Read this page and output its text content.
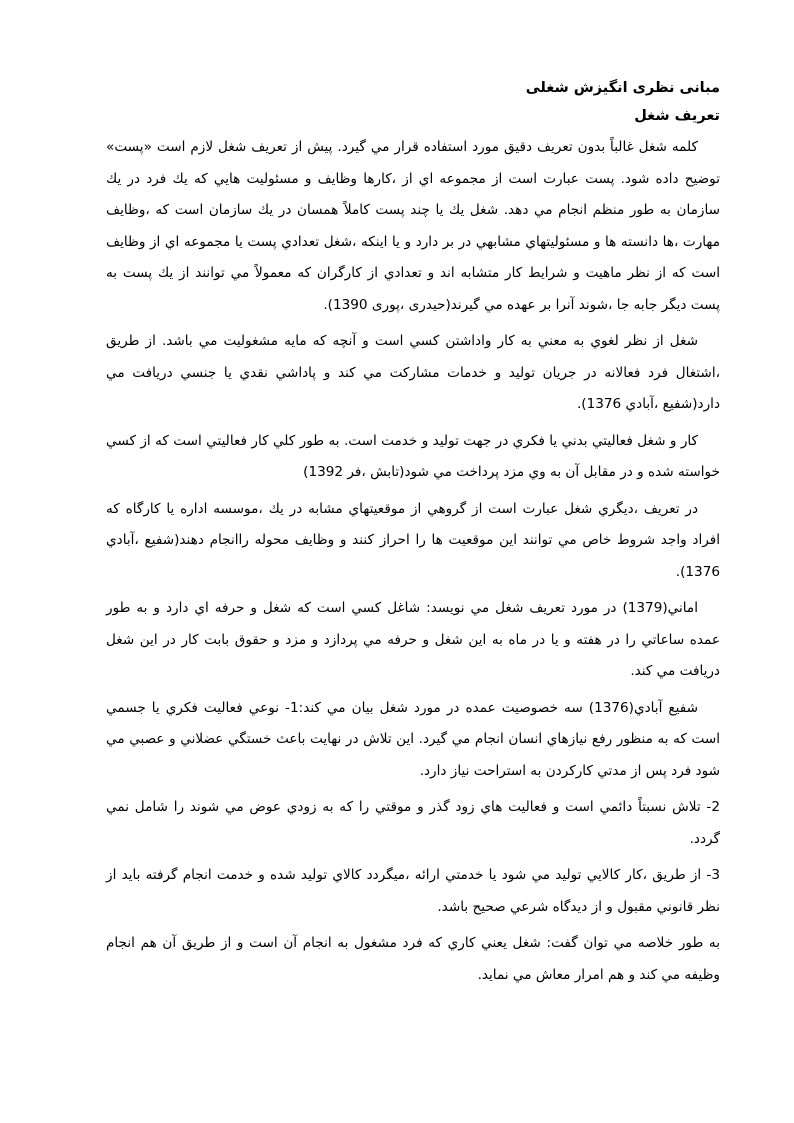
مبانی نظری انگیزش شغلی
تعریف شغل

کلمه شغل غالباً بدون تعریف دقیق مورد استفاده قرار مي گيرد. پيش از تعريف شغل لازم است «پست» توضيح داده شود. پست عبارت است از مجموعه اي از ،كارها وظايف و مسئوليت هايي كه يك فرد در يك سازمان به طور منظم انجام مي دهد. شغل يك يا چند پست كاملاً همسان در يك سازمان است كه ،وظايف مهارت ،ها دانسته ها و مسئوليتهاي مشابهي در بر دارد و يا اينكه ،شغل تعدادي پست يا مجموعه اي از وظايف است كه از نظر ماهيت و شرايط كار متشابه اند و تعدادي از كارگران كه معمولاً مي توانند از يك پست به پست ديگر جابه جا ،شوند آنرا بر عهده مي گيرند(حیدری ،پوری 1390).

شغل از نظر لغوي به معني به كار واداشتن كسي است و آنچه كه مايه مشغوليت مي باشد. از طريق ،اشتغال فرد فعالانه در جريان توليد و خدمات مشاركت مي كند و پاداشي نقدي يا جنسي دريافت مي دارد(شفيع ،آبادي 1376).

كار و شغل فعاليتي بدني يا فكري در جهت توليد و خدمت است. به طور كلي كار فعاليتي است كه از كسي خواسته شده و در مقابل آن به وي مزد پرداخت مي شود(تابش ،فر 1392)

در تعريف ،ديگري شغل عبارت است از گروهي از موقعيتهاي مشابه در يك ،موسسه اداره يا كارگاه كه افراد واجد شروط خاص مي توانند اين موقعيت ها را احراز كنند و وظايف محوله راانجام دهند(شفيع ،آبادي 1376).

اماني(1379) در مورد تعريف شغل مي نويسد: شاغل كسي است كه شغل و حرفه اي دارد و به طور عمده ساعاتي را در هفته و يا در ماه به اين شغل و حرفه مي پردازد و مزد و حقوق بابت كار در اين شغل دريافت مي كند.

شفيع آبادي(1376) سه خصوصيت عمده در مورد شغل بيان مي كند:1- نوعي فعاليت فكري يا جسمي است كه به منظور رفع نيازهاي انسان انجام مي گيرد. اين تلاش در نهايت باعث خستگي عضلاني و عصبي مي شود فرد پس از مدتي كاركردن به استراحت نياز دارد.

2- تلاش نسبتاً دائمي است و فعاليت هاي زود گذر و موقتي را كه به زودي عوض مي شوند را شامل نمي گردد.

3- از طريق ،كار كالايي توليد مي شود يا خدمتي ارائه ،ميگردد كالاي توليد شده و خدمت انجام گرفته بايد از نظر قانوني مقبول و از ديدگاه شرعي صحيح باشد.

به طور خلاصه مي توان گفت: شغل يعني كاري كه فرد مشغول به انجام آن است و از طريق آن هم انجام وظيفه مي كند و هم امرار معاش مي نمايد.
